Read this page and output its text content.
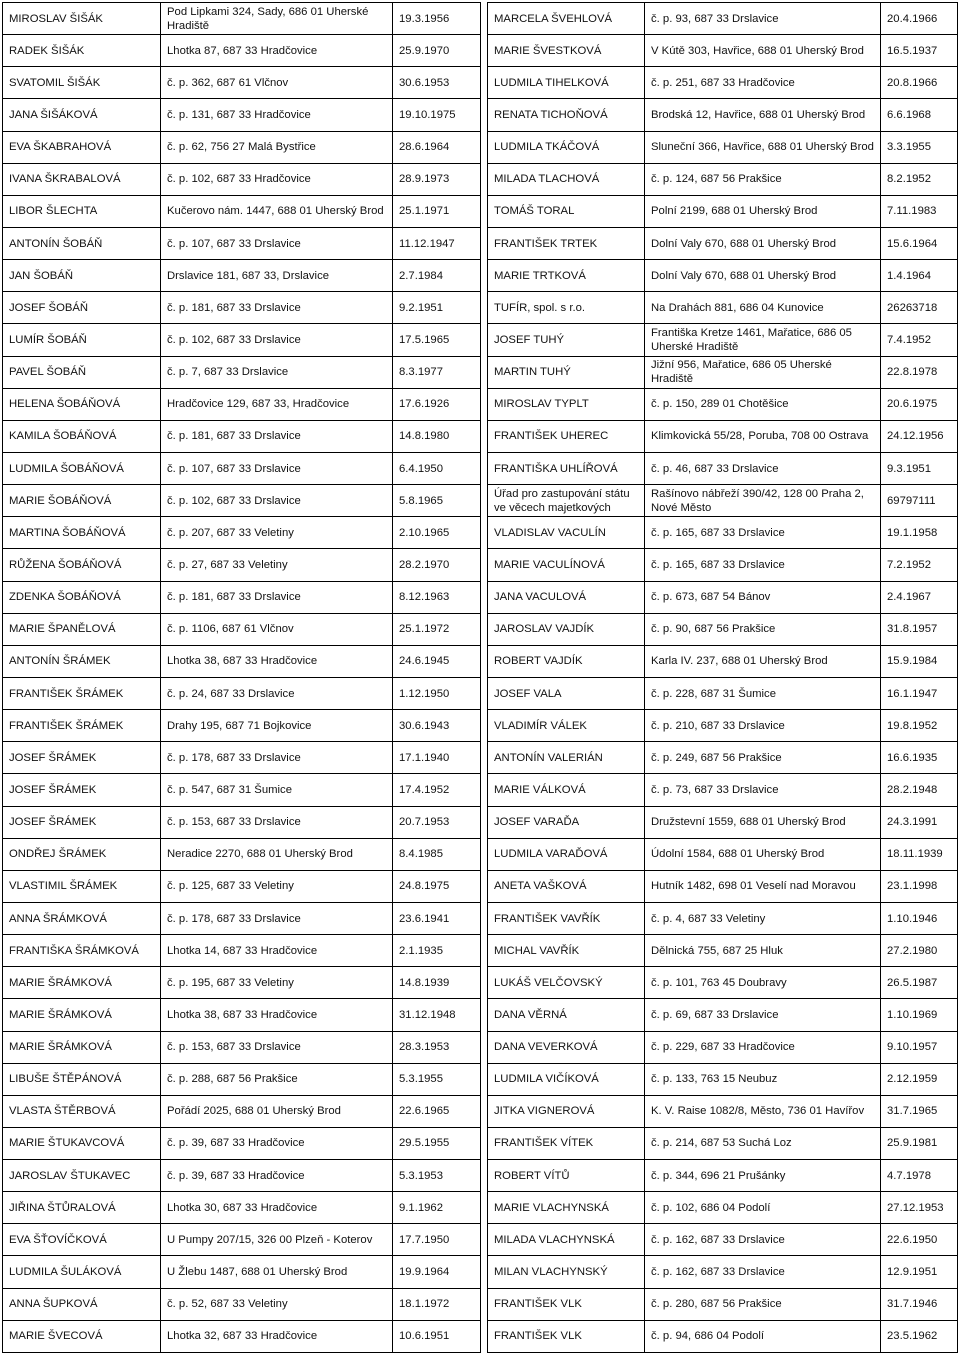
MIROSLAV ŠIŠÁK	Pod Lipkami 324, Sady, 686 01 Uherské Hradiště	19.3.1956
RADEK ŠIŠÁK	Lhotka 87, 687 33 Hradčovice	25.9.1970
SVATOMIL ŠIŠÁK	č. p. 362, 687 61 Vlčnov	30.6.1953
JANA ŠIŠÁKOVÁ	č. p. 131, 687 33 Hradčovice	19.10.1975
EVA ŠKABRAHOVÁ	č. p. 62, 756 27 Malá Bystřice	28.6.1964
IVANA ŠKRABALOVÁ	č. p. 102, 687 33 Hradčovice	28.9.1973
LIBOR ŠLECHTA	Kučerovo nám. 1447, 688 01 Uherský Brod	25.1.1971
ANTONÍN ŠOBÁŇ	č. p. 107, 687 33 Drslavice	11.12.1947
JAN ŠOBÁŇ	Drslavice 181, 687 33, Drslavice	2.7.1984
JOSEF ŠOBÁŇ	č. p. 181, 687 33 Drslavice	9.2.1951
LUMÍR ŠOBÁŇ	č. p. 102, 687 33 Drslavice	17.5.1965
PAVEL ŠOBÁŇ	č. p. 7, 687 33 Drslavice	8.3.1977
HELENA ŠOBÁŇOVÁ	Hradčovice 129, 687 33, Hradčovice	17.6.1926
KAMILA ŠOBÁŇOVÁ	č. p. 181, 687 33 Drslavice	14.8.1980
LUDMILA ŠOBÁŇOVÁ	č. p. 107, 687 33 Drslavice	6.4.1950
MARIE ŠOBÁŇOVÁ	č. p. 102, 687 33 Drslavice	5.8.1965
MARTINA ŠOBÁŇOVÁ	č. p. 207, 687 33 Veletiny	2.10.1965
RŮŽENA ŠOBÁŇOVÁ	č. p. 27, 687 33 Veletiny	28.2.1970
ZDENKA ŠOBÁŇOVÁ	č. p. 181, 687 33 Drslavice	8.12.1963
MARIE ŠPANĚLOVÁ	č. p. 1106, 687 61 Vlčnov	25.1.1972
ANTONÍN ŠRÁMEK	Lhotka 38, 687 33 Hradčovice	24.6.1945
FRANTIŠEK ŠRÁMEK	č. p. 24, 687 33 Drslavice	1.12.1950
FRANTIŠEK ŠRÁMEK	Drahy 195, 687 71 Bojkovice	30.6.1943
JOSEF ŠRÁMEK	č. p. 178, 687 33 Drslavice	17.1.1940
JOSEF ŠRÁMEK	č. p. 547, 687 31 Šumice	17.4.1952
JOSEF ŠRÁMEK	č. p. 153, 687 33 Drslavice	20.7.1953
ONDŘEJ ŠRÁMEK	Neradice 2270, 688 01 Uherský Brod	8.4.1985
VLASTIMIL ŠRÁMEK	č. p. 125, 687 33 Veletiny	24.8.1975
ANNA ŠRÁMKOVÁ	č. p. 178, 687 33 Drslavice	23.6.1941
FRANTIŠKA ŠRÁMKOVÁ	Lhotka 14, 687 33 Hradčovice	2.1.1935
MARIE ŠRÁMKOVÁ	č. p. 195, 687 33 Veletiny	14.8.1939
MARIE ŠRÁMKOVÁ	Lhotka 38, 687 33 Hradčovice	31.12.1948
MARIE ŠRÁMKOVÁ	č. p. 153, 687 33 Drslavice	28.3.1953
LIBUŠE ŠTĚPÁNOVÁ	č. p. 288, 687 56 Prakšice	5.3.1955
VLASTA ŠTĚRBOVÁ	Pořádí 2025, 688 01 Uherský Brod	22.6.1965
MARIE ŠTUKAVCOVÁ	č. p. 39, 687 33 Hradčovice	29.5.1955
JAROSLAV ŠTUKAVEC	č. p. 39, 687 33 Hradčovice	5.3.1953
JIŘINA ŠTŮRALOVÁ	Lhotka 30, 687 33 Hradčovice	9.1.1962
EVA ŠŤOVÍČKOVÁ	U Pumpy 207/15, 326 00 Plzeň - Koterov	17.7.1950
LUDMILA ŠULÁKOVÁ	U Žlebu 1487, 688 01 Uherský Brod	19.9.1964
ANNA ŠUPKOVÁ	č. p. 52, 687 33 Veletiny	18.1.1972
MARIE ŠVECOVÁ	Lhotka 32, 687 33 Hradčovice	10.6.1951
MARCELA ŠVEHLOVÁ	č. p. 93, 687 33 Drslavice	20.4.1966
MARIE ŠVESTKOVÁ	V Kútě 303, Havřice, 688 01 Uherský Brod	16.5.1937
LUDMILA TIHELKOVÁ	č. p. 251, 687 33 Hradčovice	20.8.1966
RENATA TICHOŇOVÁ	Brodská 12, Havřice, 688 01 Uherský Brod	6.6.1968
LUDMILA TKÁČOVÁ	Sluneční 366, Havřice, 688 01 Uherský Brod	3.3.1955
MILADA TLACHOVÁ	č. p. 124, 687 56 Prakšice	8.2.1952
TOMÁŠ TORAL	Polní 2199, 688 01 Uherský Brod	7.11.1983
FRANTIŠEK TRTEK	Dolní Valy 670, 688 01 Uherský Brod	15.6.1964
MARIE TRTKOVÁ	Dolní Valy 670, 688 01 Uherský Brod	1.4.1964
TUFÍR, spol. s r.o.	Na Drahách 881, 686 04 Kunovice	26263718
JOSEF TUHÝ	Františka Kretze 1461, Mařatice, 686 05 Uherské Hradiště	7.4.1952
MARTIN TUHÝ	Jižní 956, Mařatice, 686 05 Uherské Hradiště	22.8.1978
MIROSLAV TYPLT	č. p. 150, 289 01 Chotěšice	20.6.1975
FRANTIŠEK UHEREC	Klimkovická 55/28, Poruba, 708 00 Ostrava	24.12.1956
FRANTIŠKA UHLÍŘOVÁ	č. p. 46, 687 33 Drslavice	9.3.1951
Úřad pro zastupování státu ve věcech majetkových	Rašínovo nábřeží 390/42, 128 00 Praha 2, Nové Město	69797111
VLADISLAV VACULÍN	č. p. 165, 687 33 Drslavice	19.1.1958
MARIE VACULÍNOVÁ	č. p. 165, 687 33 Drslavice	7.2.1952
JANA VACULOVÁ	č. p. 673, 687 54 Bánov	2.4.1967
JAROSLAV VAJDÍK	č. p. 90, 687 56 Prakšice	31.8.1957
ROBERT VAJDÍK	Karla IV. 237, 688 01 Uherský Brod	15.9.1984
JOSEF VALA	č. p. 228, 687 31 Šumice	16.1.1947
VLADIMÍR VÁLEK	č. p. 210, 687 33 Drslavice	19.8.1952
ANTONÍN VALERIÁN	č. p. 249, 687 56 Prakšice	16.6.1935
MARIE VÁLKOVÁ	č. p. 73, 687 33 Drslavice	28.2.1948
JOSEF VARAĎA	Družstevní 1559, 688 01 Uherský Brod	24.3.1991
LUDMILA VARAĎOVÁ	Údolní 1584, 688 01 Uherský Brod	18.11.1939
ANETA VAŠKOVÁ	Hutník 1482, 698 01 Veselí nad Moravou	23.1.1998
FRANTIŠEK VAVŘÍK	č. p. 4, 687 33 Veletiny	1.10.1946
MICHAL VAVŘÍK	Dělnická 755, 687 25 Hluk	27.2.1980
LUKÁŠ VELČOVSKÝ	č. p. 101, 763 45 Doubravy	26.5.1987
DANA VĚRNÁ	č. p. 69, 687 33 Drslavice	1.10.1969
DANA VEVERKOVÁ	č. p. 229, 687 33 Hradčovice	9.10.1957
LUDMILA VIČÍKOVÁ	č. p. 133, 763 15 Neubuz	2.12.1959
JITKA VIGNEROVÁ	K. V. Raise 1082/8, Město, 736 01 Havířov	31.7.1965
FRANTIŠEK VÍTEK	č. p. 214, 687 53 Suchá Loz	25.9.1981
ROBERT VÍTŮ	č. p. 344, 696 21 Prušánky	4.7.1978
MARIE VLACHYNSKÁ	č. p. 102, 686 04 Podolí	27.12.1953
MILADA VLACHYNSKÁ	č. p. 162, 687 33 Drslavice	22.6.1950
MILAN VLACHYNSKÝ	č. p. 162, 687 33 Drslavice	12.9.1951
FRANTIŠEK VLK	č. p. 280, 687 56 Prakšice	31.7.1946
FRANTIŠEK VLK	č. p. 94, 686 04 Podolí	23.5.1962
